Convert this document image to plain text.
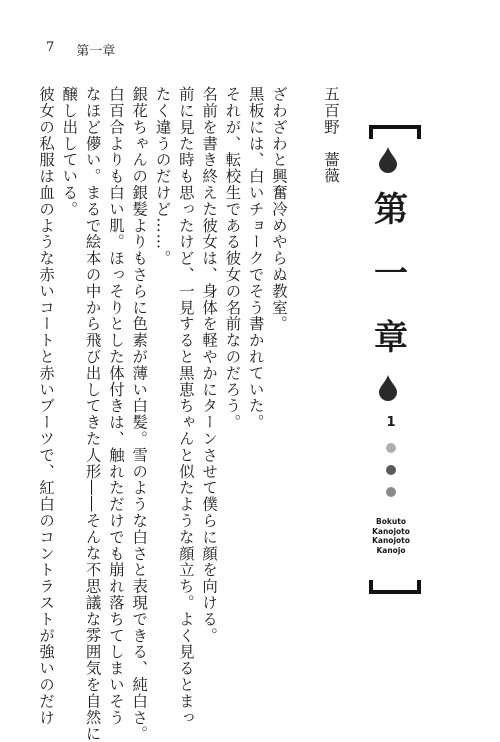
7 第一章
ざわざわと興奮冷めやらぬ教室。
黒板には、白いチョークでそう書かれていた。
それが、転校生である彼女の名前なのだろう。
名前を書き終えた彼女は、身体を軽やかにターンさせて僕らに顔を向ける。
前に見た時も思ったけど、一見すると黒恵ちゃんと似たような顔立ち。よく見るとまっ
たく違うのだけど……。
銀花ちゃんの銀髪よりもさらに色素が薄い白髪。雪のような白さと表現できる、純白さ。
白百合よりも白い肌。ほっそりとした体付きは、触れただけでも崩れ落ちてしまいそう
なほど儚い。まるで絵本の中から飛び出してきた人形――そんな不思議な雰囲気を自然に
醸し出している。
彼女の私服は血のような赤いコートと赤いブーツで、紅白のコントラストが強いのだけ	五百野薔薇
第
一
章
1
Bokuto
Kanojoto
Kanojoto
Kanojo
